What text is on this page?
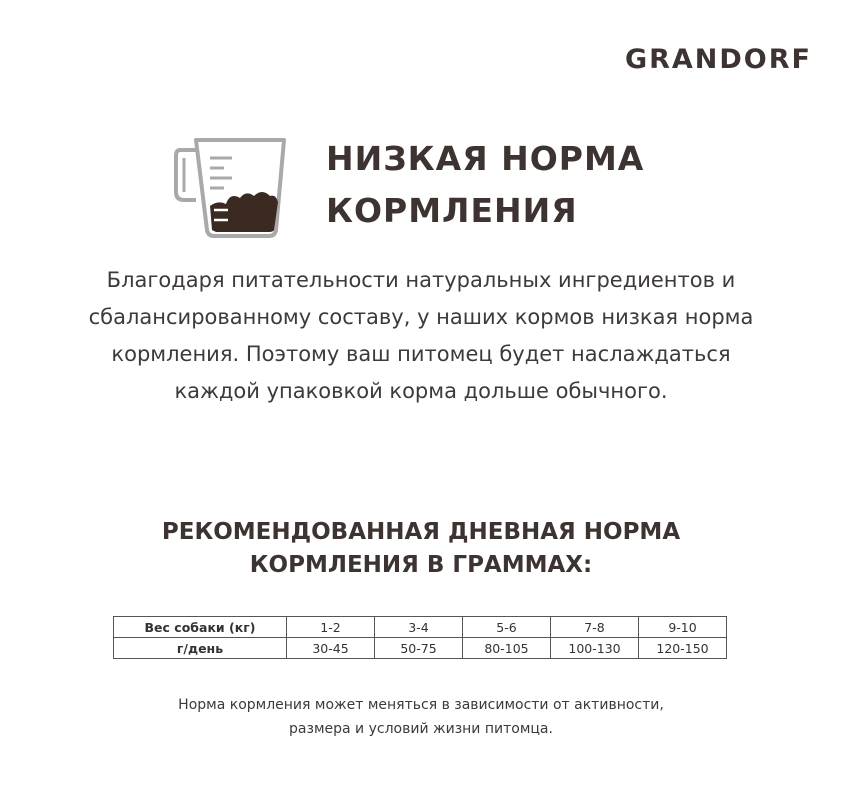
GRANDORF
НИЗКАЯ НОРМА
КОРМЛЕНИЯ
Благодаря питательности натуральных ингредиентов и
сбалансированному составу, у наших кормов низкая норма
кормления. Поэтому ваш питомец будет наслаждаться
каждой упаковкой корма дольше обычного.
РЕКОМЕНДОВАННАЯ ДНЕВНАЯ НОРМА
КОРМЛЕНИЯ В ГРАММАХ:
Вес собаки (кг)	1-2	3-4	5-6	7-8	9-10
г/день	30-45	50-75	80-105	100-130	120-150
Норма кормления может меняться в зависимости от активности,
размера и условий жизни питомца.
